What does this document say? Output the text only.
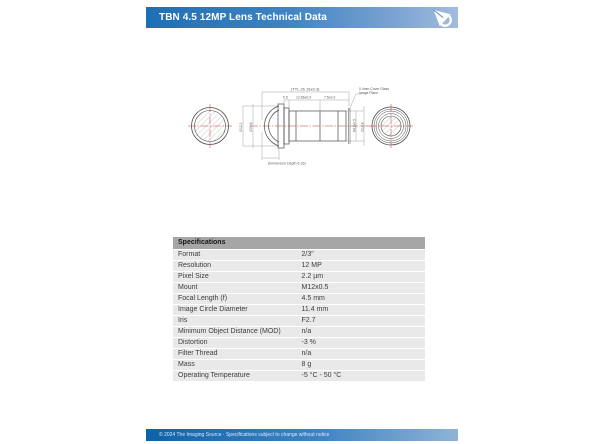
TBN 4.5 12MP Lens Technical Data
(TTL 26.16±0.3)
0.5 12.66±0.3	7.5±0.3
0.4mm Cover Glass
Image Plane
∅12.1 (∅9.8)	M12x0.5 ∅14.4
(Immersion Depth 6.16)
Specifications
Format	2/3"
Resolution	12 MP
Pixel Size	2.2 µm
Mount	M12x0.5
Focal Length (f)	4.5 mm
Image Circle Diameter	11.4 mm
Iris	F2.7
Minimum Object Distance (MOD)	n/a
Distortion	-3 %
Filter Thread	n/a
Mass	8 g
Operating Temperature	-5 °C - 50 °C
© 2024 The Imaging Source · Specifications subject to change without notice
